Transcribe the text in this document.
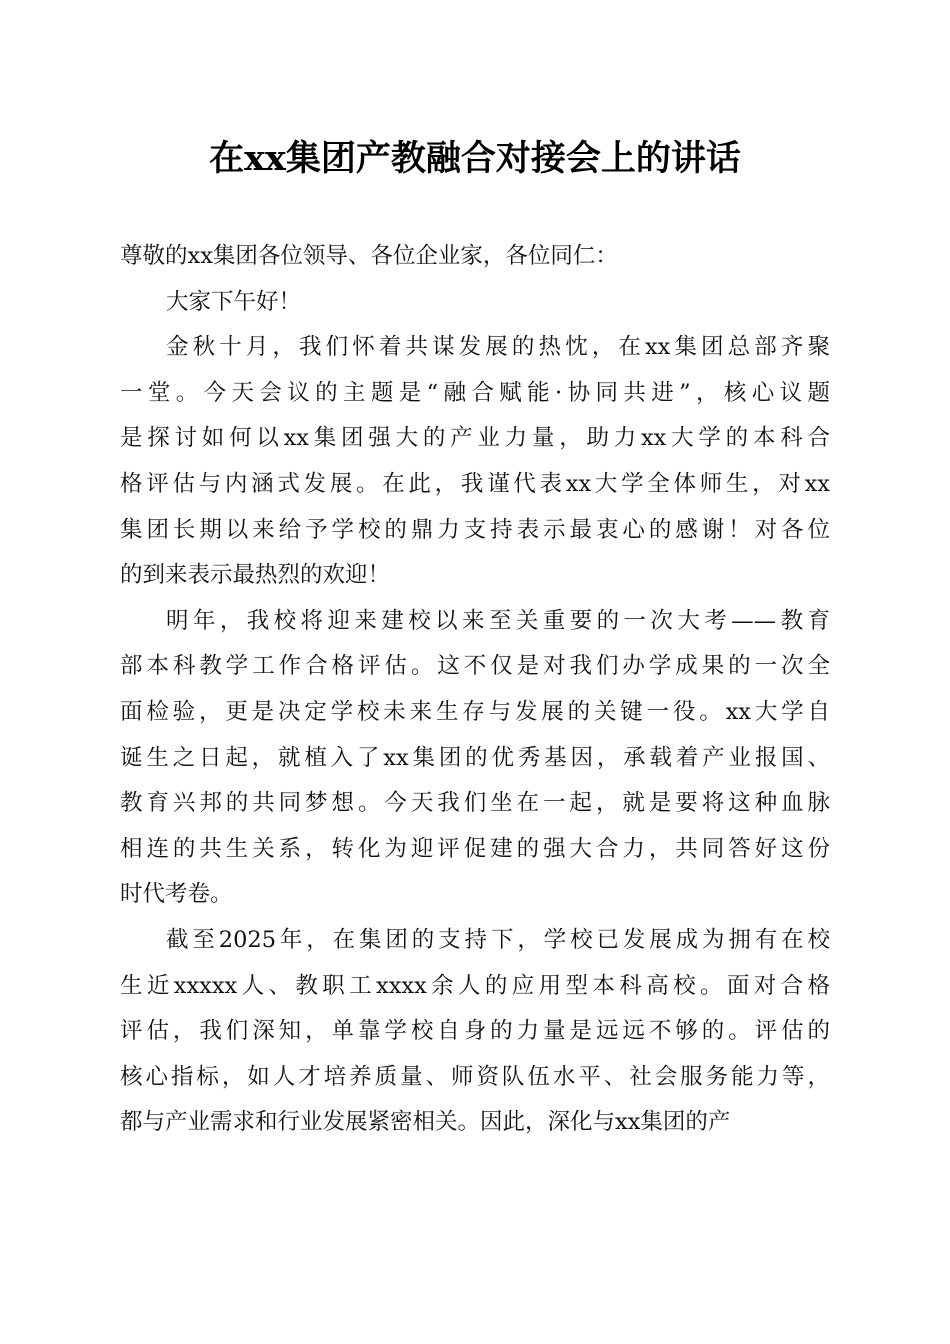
在xx集团产教融合对接会上的讲话
尊敬的xx集团各位领导、各位企业家，各位同仁：
大家下午好！
金秋十月，我们怀着共谋发展的热忱，在xx集团总部齐聚
一堂。今天会议的主题是“融合赋能·协同共进”，核心议题
是探讨如何以xx集团强大的产业力量，助力xx大学的本科合
格评估与内涵式发展。在此，我谨代表xx大学全体师生，对xx
集团长期以来给予学校的鼎力支持表示最衷心的感谢！对各位
的到来表示最热烈的欢迎！
明年，我校将迎来建校以来至关重要的一次大考——教育
部本科教学工作合格评估。这不仅是对我们办学成果的一次全
面检验，更是决定学校未来生存与发展的关键一役。xx大学自
诞生之日起，就植入了xx集团的优秀基因，承载着产业报国、
教育兴邦的共同梦想。今天我们坐在一起，就是要将这种血脉
相连的共生关系，转化为迎评促建的强大合力，共同答好这份
时代考卷。
截至2025年，在集团的支持下，学校已发展成为拥有在校
生近xxxxx人、教职工xxxx余人的应用型本科高校。面对合格
评估，我们深知，单靠学校自身的力量是远远不够的。评估的
核心指标，如人才培养质量、师资队伍水平、社会服务能力等，
都与产业需求和行业发展紧密相关。因此，深化与xx集团的产
